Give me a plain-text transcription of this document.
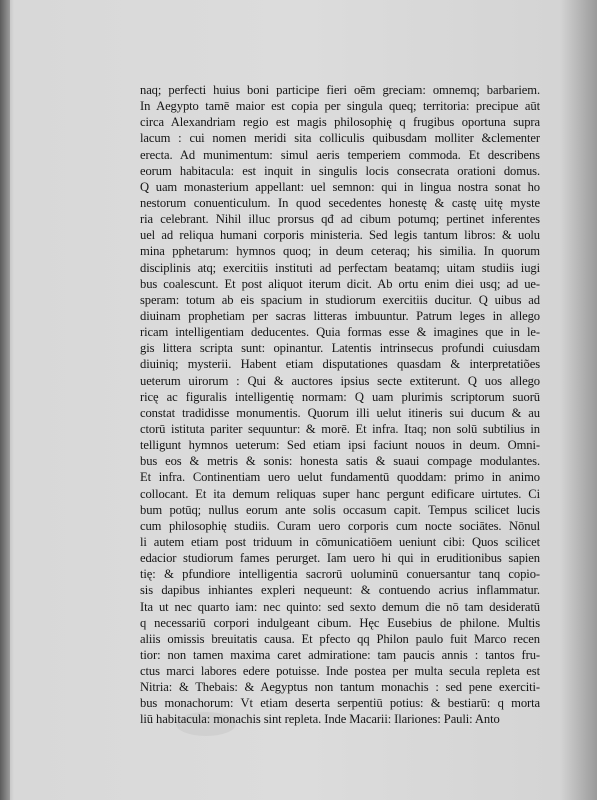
naq; perfecti huius boni participe fieri oēm greciam: omnemq; barbariem.
In Aegypto tamē maior est copia per singula queq; territoria: precipue aūt
circa Alexandriam regio est magis philosophię q frugibus oportuna supra
lacum : cui nomen meridi sita colliculis quibusdam molliter &clementer
erecta. Ad munimentum: simul aeris temperiem commoda. Et describens
eorum habitacula: est inquit in singulis locis consecrata orationi domus.
Q uam monasterium appellant: uel semnon: qui in lingua nostra sonat ho
nestorum conuenticulum. In quod secedentes honestę & castę uitę myste
ria celebrant. Nihil illuc prorsus qđ ad cibum potumq; pertinet inferentes
uel ad reliqua humani corporis ministeria. Sed legis tantum libros: & uolu
mina pphetarum: hymnos quoq; in deum ceteraq; his similia. In quorum
disciplinis atq; exercitiis instituti ad perfectam beatamq; uitam studiis iugi
bus coalescunt. Et post aliquot iterum dicit. Ab ortu enim diei usq; ad ue-
speram: totum ab eis spacium in studiorum exercitiis ducitur. Q uibus ad
diuinam prophetiam per sacras litteras imbuuntur. Patrum leges in allego
ricam intelligentiam deducentes. Quia formas esse & imagines que in le-
gis littera scripta sunt: opinantur. Latentis intrinsecus profundi cuiusdam
diuiniq; mysterii. Habent etiam disputationes quasdam & interpretatiões
ueterum uirorum : Qui & auctores ipsius secte extiterunt. Q uos allego
ricę ac figuralis intelligentię normam: Q uam plurimis scriptorum suorū
constat tradidisse monumentis. Quorum illi uelut itineris sui ducum & au
ctorū istituta pariter sequuntur: & morē. Et infra. Itaq; non solū subtilius in
telligunt hymnos ueterum: Sed etiam ipsi faciunt nouos in deum. Omni-
bus eos & metris & sonis: honesta satis & suaui compage modulantes.
Et infra. Continentiam uero uelut fundamentū quoddam: primo in animo
collocant. Et ita demum reliquas super hanc pergunt edificare uirtutes. Ci
bum potūq; nullus eorum ante solis occasum capit. Tempus scilicet lucis
cum philosophię studiis. Curam uero corporis cum nocte sociātes. Nōnul
li autem etiam post triduum in cōmunicatiōem ueniunt cibi: Quos scilicet
edacior studiorum fames perurget. Iam uero hi qui in eruditionibus sapien
tię: & pfundiore intelligentia sacrorū uoluminū conuersantur tanq copio-
sis dapibus inhiantes expleri nequeunt: & contuendo acrius inflammatur.
Ita ut nec quarto iam: nec quinto: sed sexto demum die nō tam desideratū
q necessariū corpori indulgeant cibum. Hęc Eusebius de philone. Multis
aliis omissis breuitatis causa. Et pfecto qq Philon paulo fuit Marco recen
tior: non tamen maxima caret admiratione: tam paucis annis : tantos fru-
ctus marci labores edere potuisse. Inde postea per multa secula repleta est
Nitria: & Thebais: & Aegyptus non tantum monachis : sed pene exerciti-
bus monachorum: Vt etiam deserta serpentiū potius: & bestiarū: q morta
liū habitacula: monachis sint repleta. Inde Macarii: Ilariones: Pauli: Anto
